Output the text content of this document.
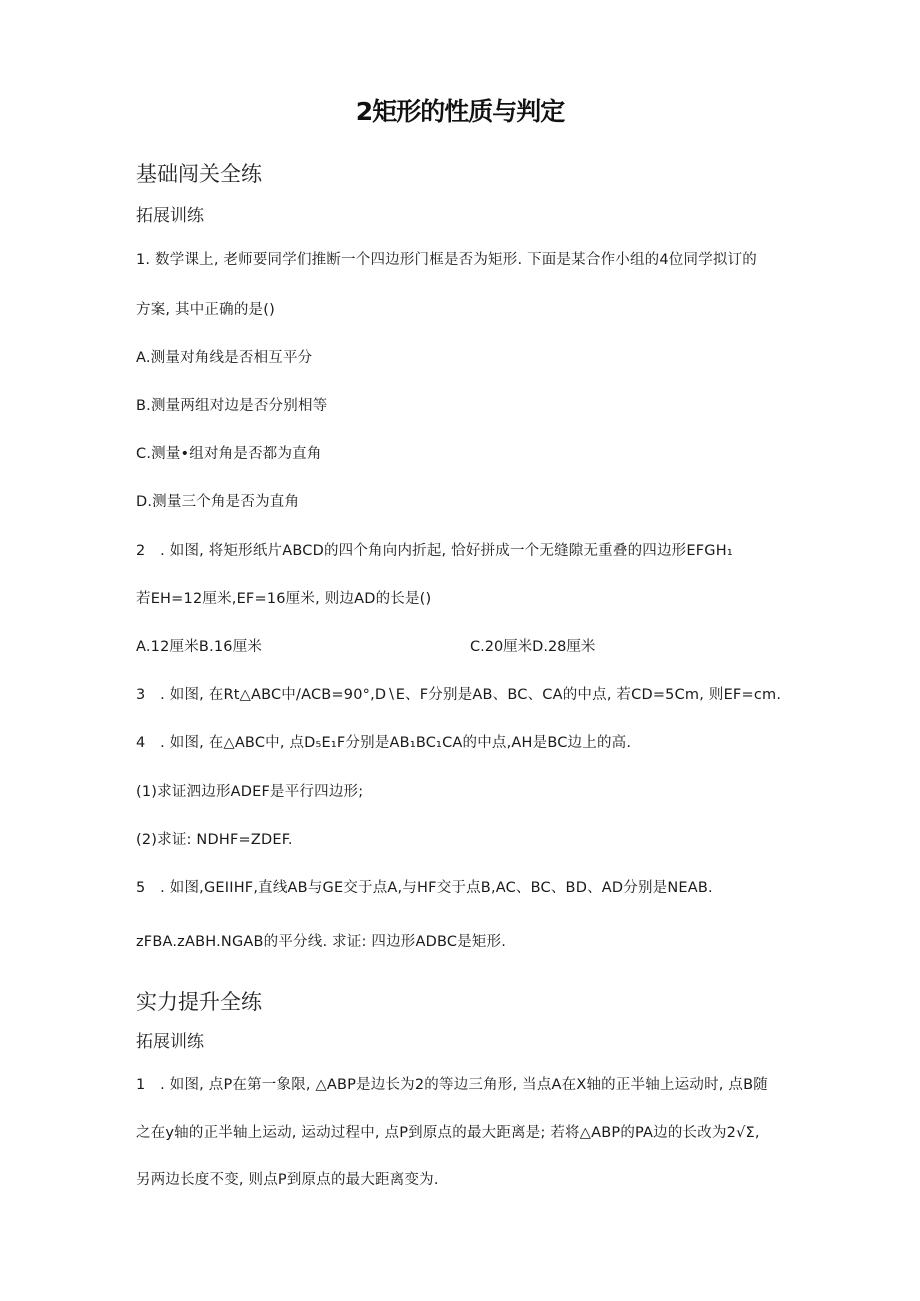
2矩形的性质与判定
基础闯关全练
拓展训练
1. 数学课上, 老师要同学们推断一个四边形门框是否为矩形. 下面是某合作小组的4位同学拟订的
方案, 其中正确的是()
A.测量对角线是否相互平分
B.测量两组对边是否分别相等
C.测量•组对角是否都为直角
D.测量三个角是否为直角
2　. 如图, 将矩形纸片ABCD的四个角向内折起, 恰好拼成一个无缝隙无重叠的四边形EFGH₁
若EH=12厘米,EF=16厘米, 则边AD的长是()
A.12厘米B.16厘米	C.20厘米D.28厘米
3　. 如图, 在Rt△ABC中∕ACB=90°,D∖E、F分别是AB、BC、CA的中点, 若CD=5Cm, 则EF=cm.
4　. 如图, 在△ABC中, 点D₅E₁F分别是AB₁BC₁CA的中点,AH是BC边上的高.
(1)求证泗边形ADEF是平行四边形;
(2)求证: NDHF=ZDEF.
5　. 如图,GEIIHF,直线AB与GE交于点A,与HF交于点B,AC、BC、BD、AD分别是NEAB.
zFBA.zABH.NGAB的平分线. 求证: 四边形ADBC是矩形.
实力提升全练
拓展训练
1　. 如图, 点P在第一象限, △ABP是边长为2的等边三角形, 当点A在X轴的正半轴上运动时, 点B随
之在y轴的正半轴上运动, 运动过程中, 点P到原点的最大距离是; 若将△ABP的PA边的长改为2√Σ,
另两边长度不变, 则点P到原点的最大距离变为.
